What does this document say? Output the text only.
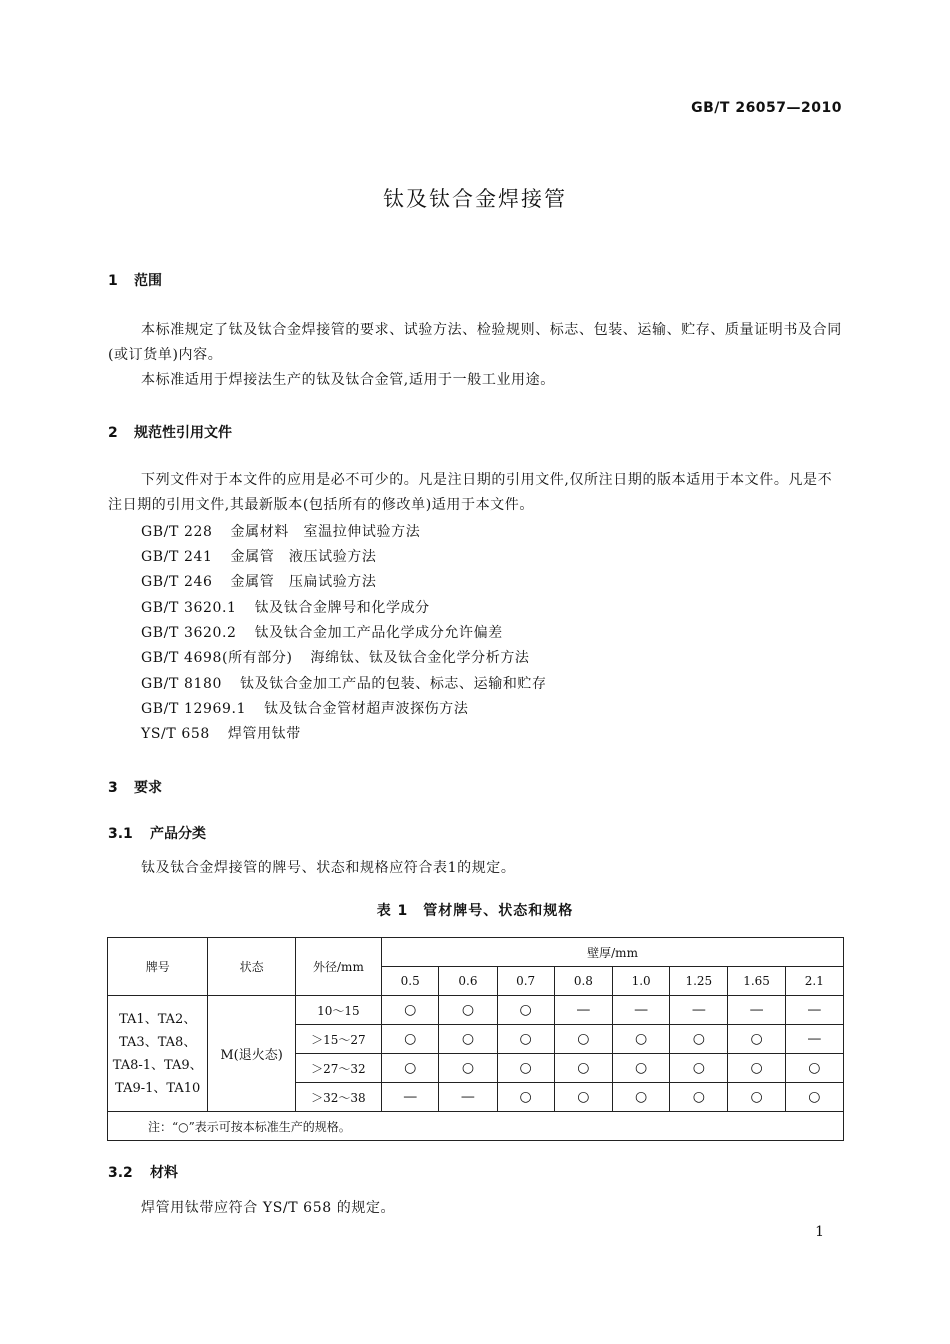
GB/T 26057—2010
钛及钛合金焊接管
1 范围
本标准规定了钛及钛合金焊接管的要求、试验方法、检验规则、标志、包装、运输、贮存、质量证明书及合同(或订货单)内容。
本标准适用于焊接法生产的钛及钛合金管,适用于一般工业用途。
2 规范性引用文件
下列文件对于本文件的应用是必不可少的。凡是注日期的引用文件,仅所注日期的版本适用于本文件。凡是不注日期的引用文件,其最新版本(包括所有的修改单)适用于本文件。
GB/T 228 金属材料　室温拉伸试验方法
GB/T 241 金属管　液压试验方法
GB/T 246 金属管　压扁试验方法
GB/T 3620.1 钛及钛合金牌号和化学成分
GB/T 3620.2 钛及钛合金加工产品化学成分允许偏差
GB/T 4698(所有部分) 海绵钛、钛及钛合金化学分析方法
GB/T 8180 钛及钛合金加工产品的包装、标志、运输和贮存
GB/T 12969.1 钛及钛合金管材超声波探伤方法
YS/T 658 焊管用钛带
3 要求
3.1 产品分类
钛及钛合金焊接管的牌号、状态和规格应符合表1的规定。
表 1　管材牌号、状态和规格
牌号	状态	外径/mm	壁厚/mm							
			0.5	0.6	0.7	0.8	1.0	1.25	1.65	2.1

TA1、TA2、
TA3、TA8、
TA8-1、TA9、
TA9-1、TA10	M(退火态)	10～15	○	○	○	—	—	—	—	—
		＞15～27	○	○	○	○	○	○	○	—
		＞27～32	○	○	○	○	○	○	○	○
		＞32～38	—	—	○	○	○	○	○	○
注：“○”表示可按本标准生产的规格。										
3.2 材料
焊管用钛带应符合 YS/T 658 的规定。
1
